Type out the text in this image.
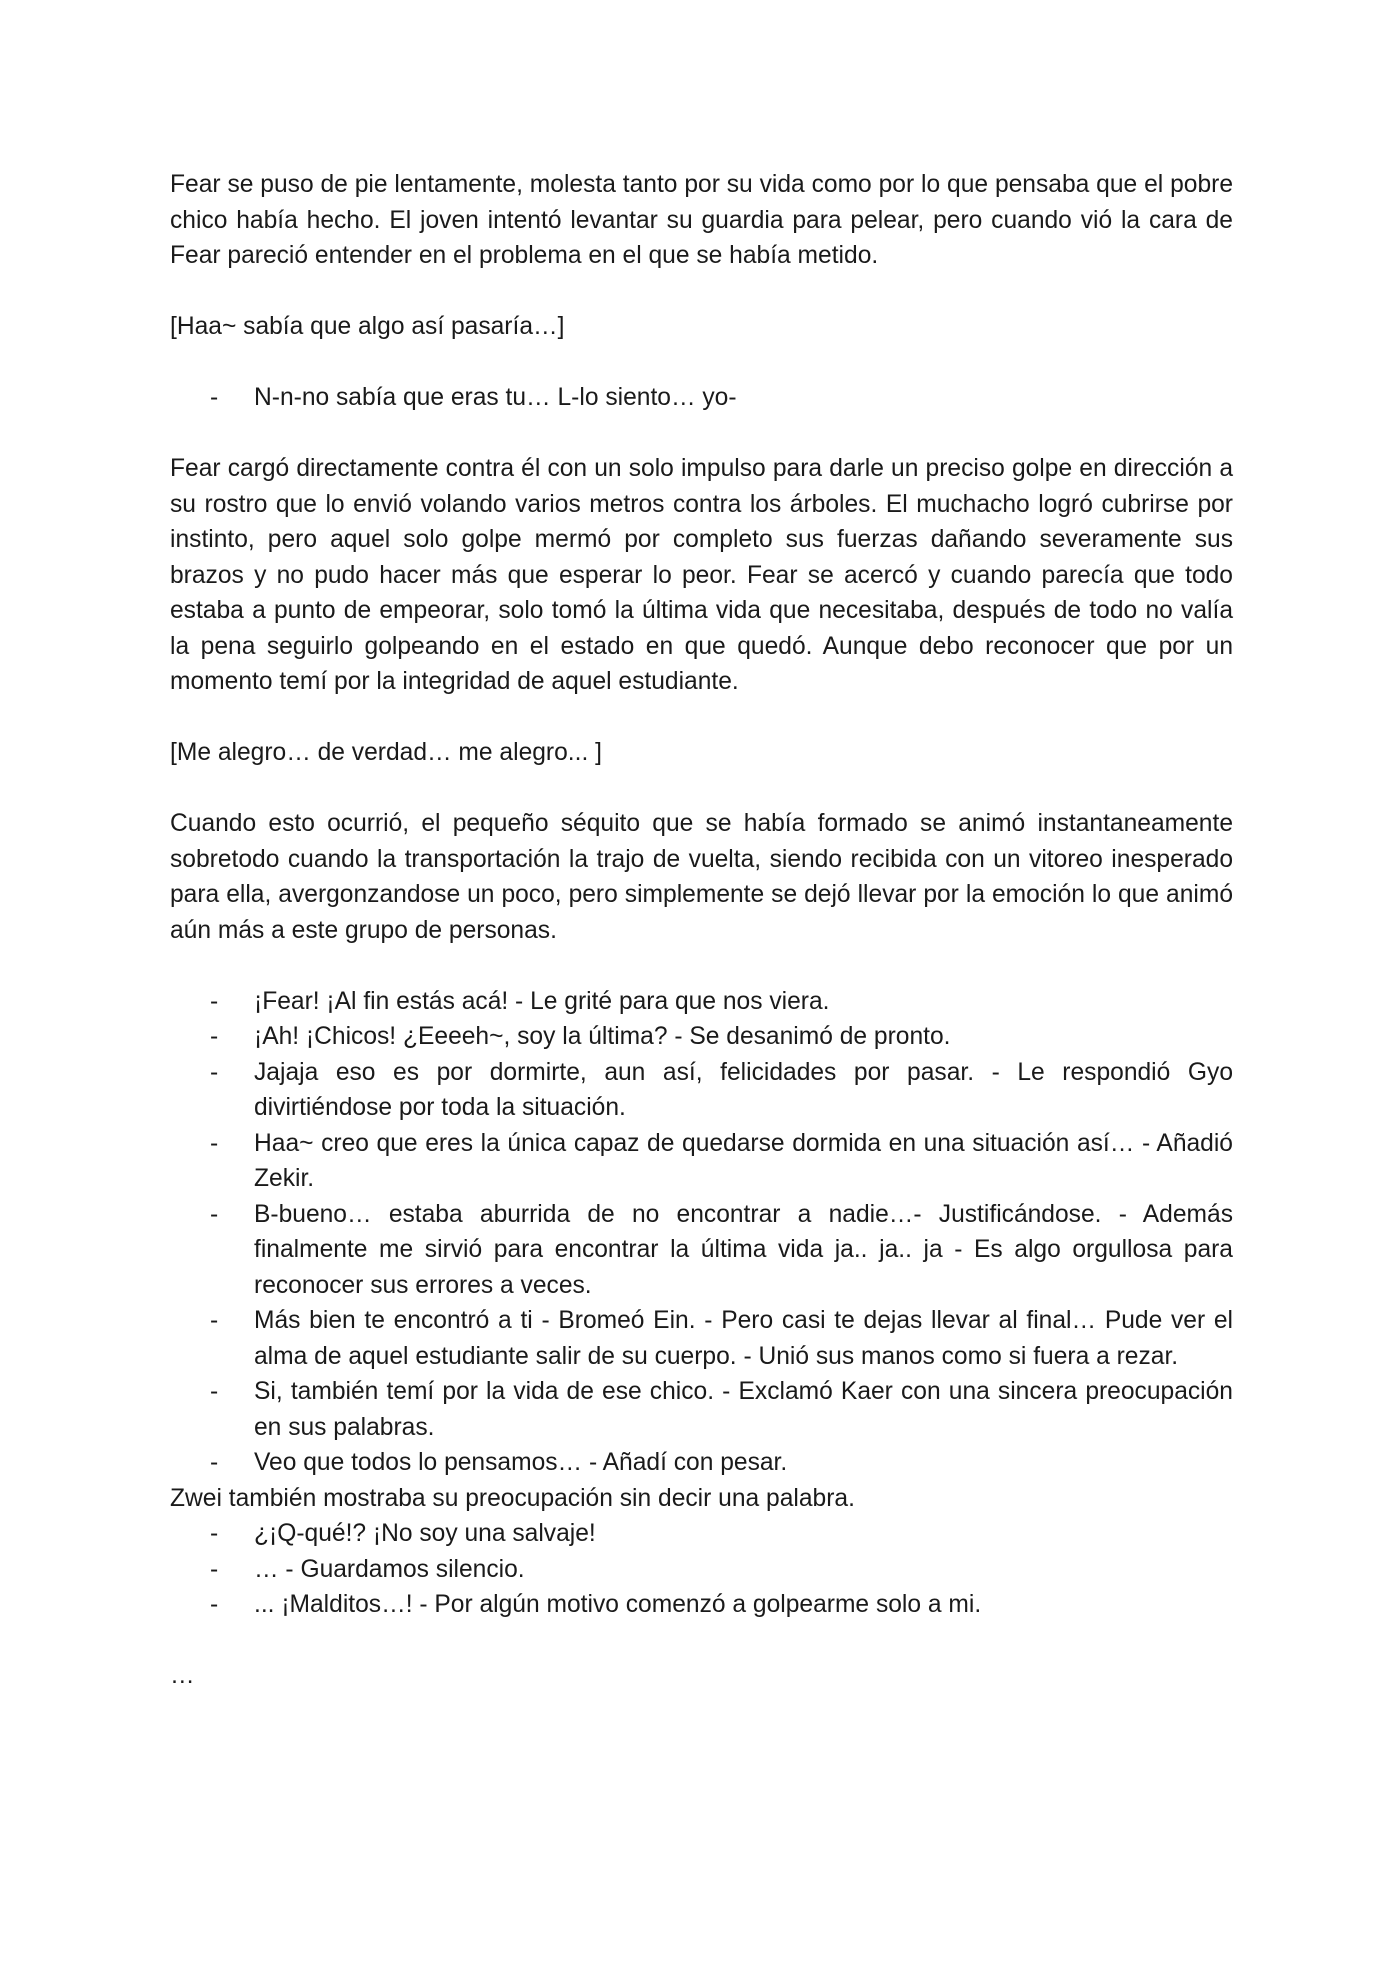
Fear se puso de pie lentamente, molesta tanto por su vida como por lo que pensaba que el pobre chico había hecho. El joven intentó levantar su guardia para pelear, pero cuando vió la cara de Fear pareció entender en el problema en el que se había metido.

[Haa~ sabía que algo así pasaría…]

- N-n-no sabía que eras tu… L-lo siento… yo-

Fear cargó directamente contra él con un solo impulso para darle un preciso golpe en dirección a su rostro que lo envió volando varios metros contra los árboles. El muchacho logró cubrirse por instinto, pero aquel solo golpe mermó por completo sus fuerzas dañando severamente sus brazos y no pudo hacer más que esperar lo peor. Fear se acercó y cuando parecía que todo estaba a punto de empeorar, solo tomó la última vida que necesitaba, después de todo no valía la pena seguirlo golpeando en el estado en que quedó. Aunque debo reconocer que por un momento temí por la integridad de aquel estudiante.

[Me alegro… de verdad… me alegro... ]

Cuando esto ocurrió, el pequeño séquito que se había formado se animó instantaneamente sobretodo cuando la transportación la trajo de vuelta, siendo recibida con un vitoreo inesperado para ella, avergonzandose un poco, pero simplemente se dejó llevar por la emoción lo que animó aún más a este grupo de personas.

- ¡Fear! ¡Al fin estás acá! - Le grité para que nos viera.
- ¡Ah! ¡Chicos! ¿Eeeeh~, soy la última? - Se desanimó de pronto.
- Jajaja eso es por dormirte, aun así, felicidades por pasar. - Le respondió Gyo divirtiéndose por toda la situación.
- Haa~ creo que eres la única capaz de quedarse dormida en una situación así… - Añadió Zekir.
- B-bueno… estaba aburrida de no encontrar a nadie…- Justificándose. - Además finalmente me sirvió para encontrar la última vida ja.. ja.. ja - Es algo orgullosa para reconocer sus errores a veces.
- Más bien te encontró a ti - Bromeó Ein. - Pero casi te dejas llevar al final… Pude ver el alma de aquel estudiante salir de su cuerpo. - Unió sus manos como si fuera a rezar.
- Si, también temí por la vida de ese chico. - Exclamó Kaer con una sincera preocupación en sus palabras.
- Veo que todos lo pensamos… - Añadí con pesar.

Zwei también mostraba su preocupación sin decir una palabra.

- ¿¡Q-qué!? ¡No soy una salvaje!
- … - Guardamos silencio.
- ... ¡Malditos…! - Por algún motivo comenzó a golpearme solo a mi.

…
